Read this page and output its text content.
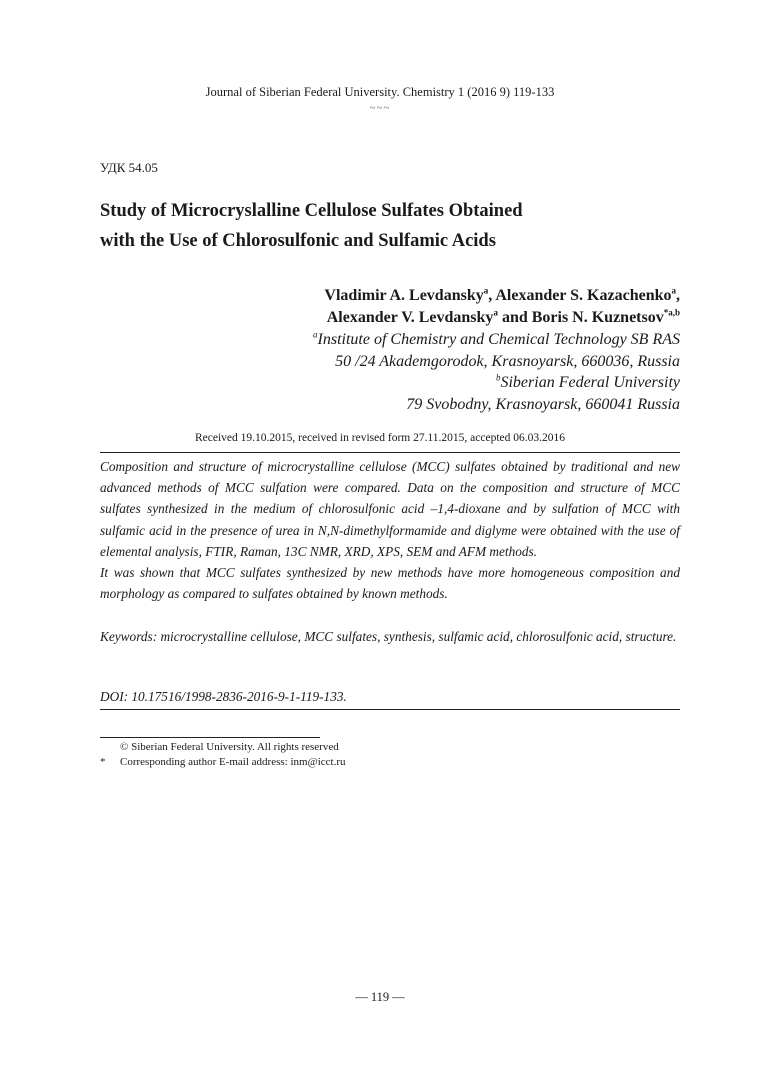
Journal of Siberian Federal University. Chemistry 1 (2016 9) 119-133
~~~
УДК 54.05
Study of Microcryslalline Cellulose Sulfates Obtained
with the Use of Chlorosulfonic and Sulfamic Acids
Vladimir A. Levdansky$^a$, Alexander S. Kazachenko$^a$,
Alexander V. Levdansky$^a$ and Boris N. Kuznetsov$^{*a,b}$
$^a$Institute of Chemistry and Chemical Technology SB RAS
50 /24 Akademgorodok, Krasnoyarsk, 660036, Russia
$^b$Siberian Federal University
79 Svobodny, Krasnoyarsk, 660041 Russia
Received 19.10.2015, received in revised form 27.11.2015, accepted 06.03.2016

Composition and structure of microcrystalline cellulose (MCC) sulfates obtained by traditional and new advanced methods of MCC sulfation were compared. Data on the composition and structure of MCC sulfates synthesized in the medium of chlorosulfonic acid –1,4-dioxane and by sulfation of MCC with sulfamic acid in the presence of urea in N,N-dimethylformamide and diglyme were obtained with the use of elemental analysis, FTIR, Raman, 13C NMR, XRD, XPS, SEM and AFM methods.

It was shown that MCC sulfates synthesized by new methods have more homogeneous composition and morphology as compared to sulfates obtained by known methods.

Keywords: microcrystalline cellulose, MCC sulfates, synthesis, sulfamic acid, chlorosulfonic acid, structure.
DOI: 10.17516/1998-2836-2016-9-1-119-133.
© Siberian Federal University. All rights reserved
* Corresponding author E-mail address: inm@icct.ru
— 119 —
